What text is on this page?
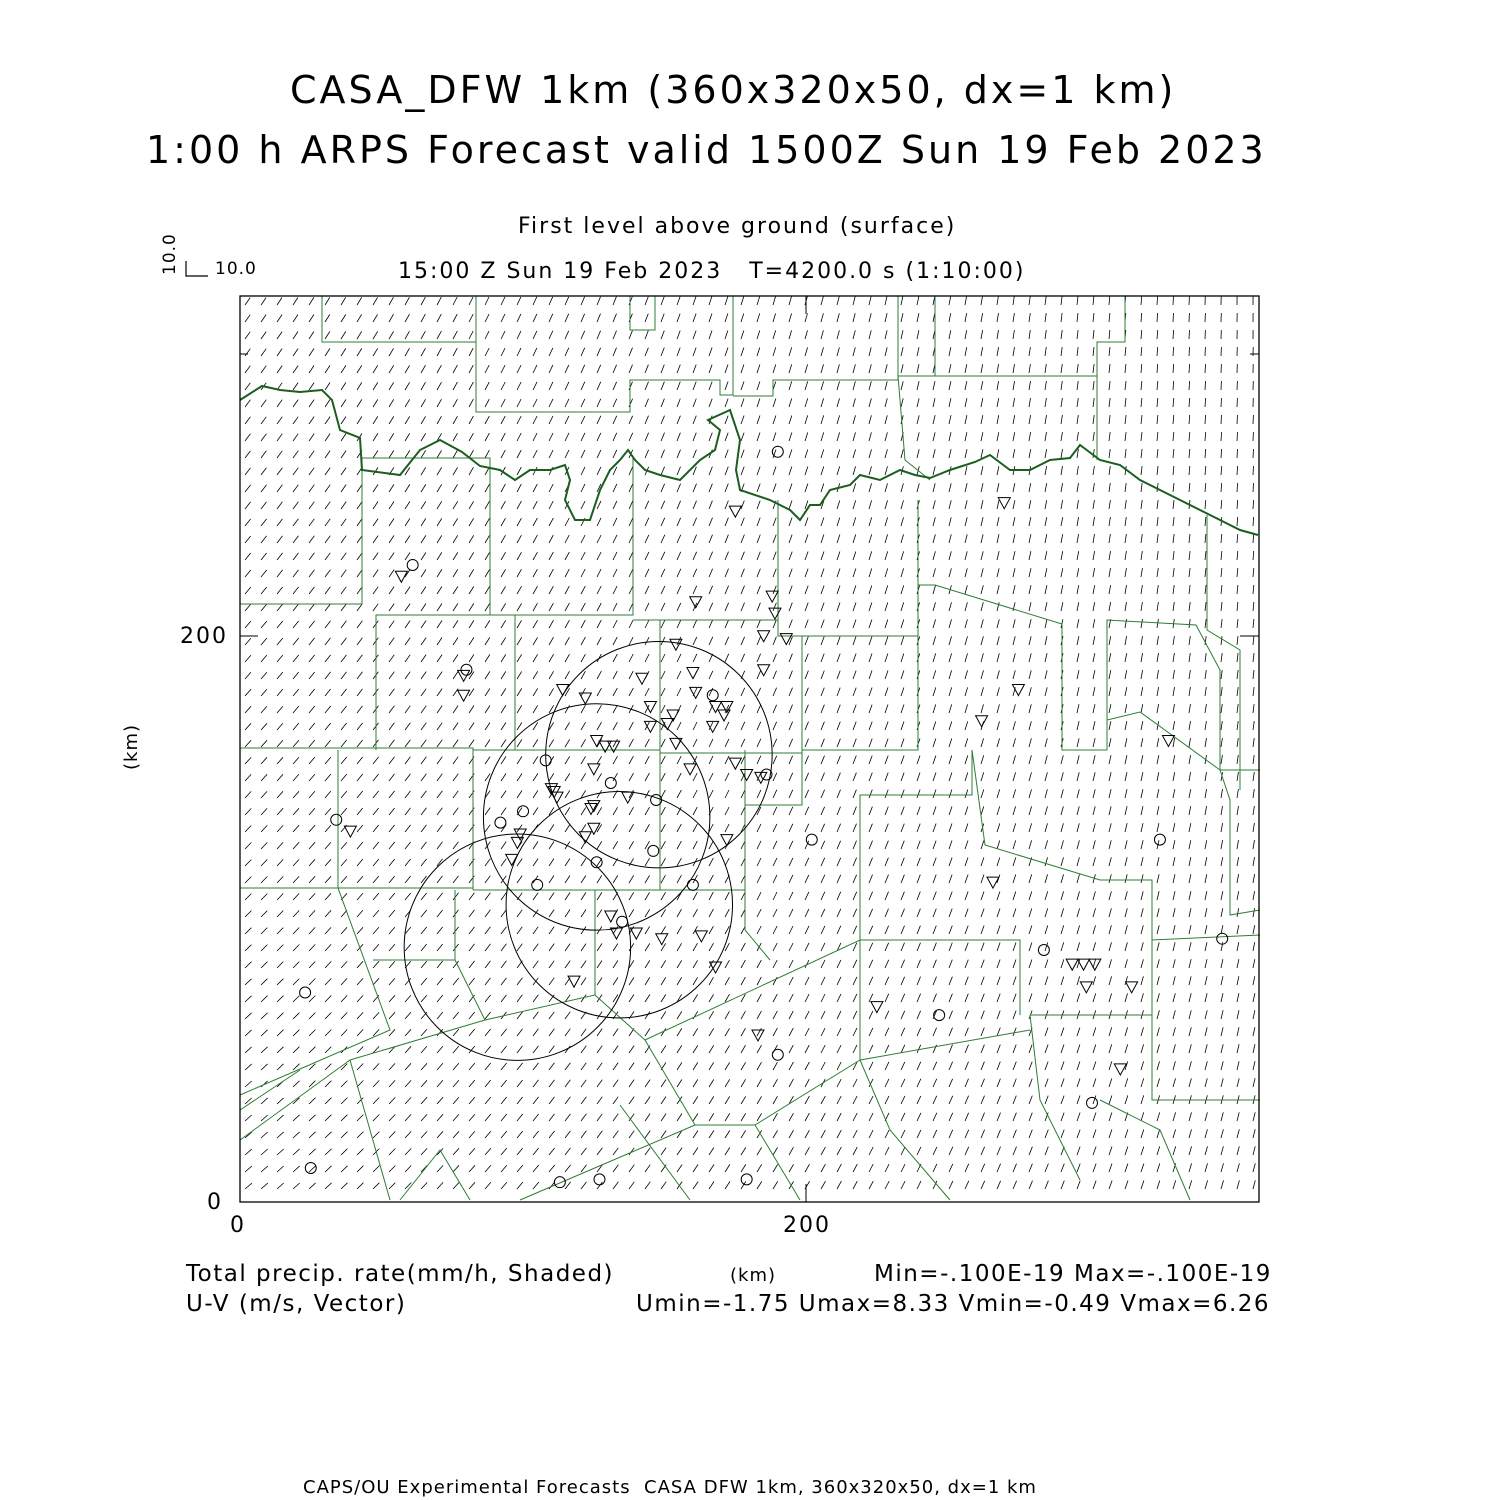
CASA_DFW 1km (360x320x50, dx=1 km)
1:00 h ARPS Forecast valid 1500Z Sun 19 Feb 2023
First level above ground (surface)
15:00 Z Sun 19 Feb 2023   T=4200.0 s (1:10:00)
10.0
10.0
200
0
0	200
(km)
Total precip. rate(mm/h, Shaded)
U-V (m/s, Vector)
(km)	Min=-.100E-19 Max=-.100E-19
Umin=-1.75 Umax=8.33 Vmin=-0.49 Vmax=6.26
CAPS/OU Experimental Forecasts  CASA DFW 1km, 360x320x50, dx=1 km
